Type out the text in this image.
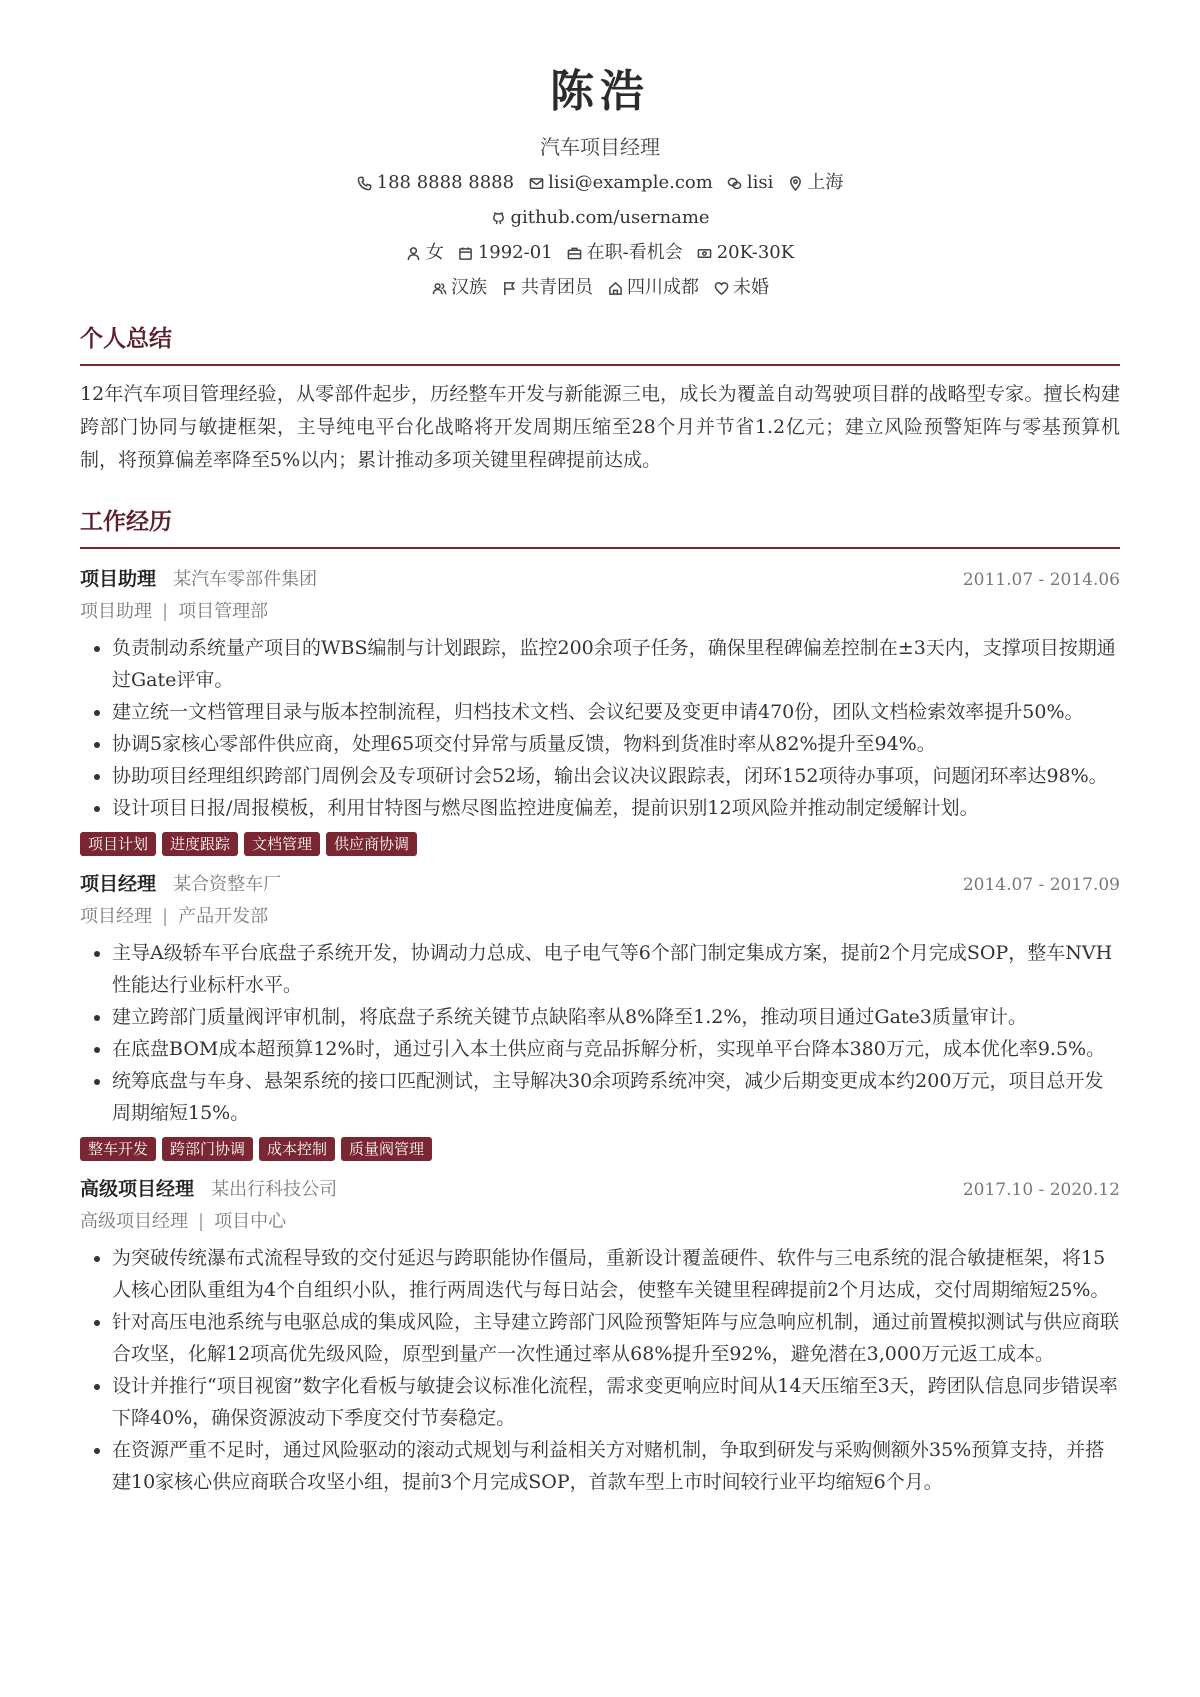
陈浩
汽车项目经理
188 8888 8888 lisi@example.com lisi 上海
github.com/username
女 1992-01 在职-看机会 20K-30K
汉族 共青团员 四川成都 未婚
个人总结
12年汽车项目管理经验，从零部件起步，历经整车开发与新能源三电，成长为覆盖自动驾驶项目群的战略型专家。擅长构建跨部门协同与敏捷框架，主导纯电平台化战略将开发周期压缩至28个月并节省1.2亿元；建立风险预警矩阵与零基预算机制，将预算偏差率降至5%以内；累计推动多项关键里程碑提前达成。
工作经历
项目助理 某汽车零部件集团	2011.07 - 2014.06
项目助理 | 项目管理部
• 负责制动系统量产项目的WBS编制与计划跟踪，监控200余项子任务，确保里程碑偏差控制在±3天内，支撑项目按期通过Gate评审。
• 建立统一文档管理目录与版本控制流程，归档技术文档、会议纪要及变更申请470份，团队文档检索效率提升50%。
• 协调5家核心零部件供应商，处理65项交付异常与质量反馈，物料到货准时率从82%提升至94%。
• 协助项目经理组织跨部门周例会及专项研讨会52场，输出会议决议跟踪表，闭环152项待办事项，问题闭环率达98%。
• 设计项目日报/周报模板，利用甘特图与燃尽图监控进度偏差，提前识别12项风险并推动制定缓解计划。
项目计划	进度跟踪	文档管理	供应商协调
项目经理 某合资整车厂	2014.07 - 2017.09
项目经理 | 产品开发部
• 主导A级轿车平台底盘子系统开发，协调动力总成、电子电气等6个部门制定集成方案，提前2个月完成SOP，整车NVH性能达行业标杆水平。
• 建立跨部门质量阀评审机制，将底盘子系统关键节点缺陷率从8%降至1.2%，推动项目通过Gate3质量审计。
• 在底盘BOM成本超预算12%时，通过引入本土供应商与竞品拆解分析，实现单平台降本380万元，成本优化率9.5%。
• 统筹底盘与车身、悬架系统的接口匹配测试，主导解决30余项跨系统冲突，减少后期变更成本约200万元，项目总开发周期缩短15%。
整车开发	跨部门协调	成本控制	质量阀管理
高级项目经理 某出行科技公司	2017.10 - 2020.12
高级项目经理 | 项目中心
• 为突破传统瀑布式流程导致的交付延迟与跨职能协作僵局，重新设计覆盖硬件、软件与三电系统的混合敏捷框架，将15人核心团队重组为4个自组织小队，推行两周迭代与每日站会，使整车关键里程碑提前2个月达成，交付周期缩短25%。
• 针对高压电池系统与电驱总成的集成风险，主导建立跨部门风险预警矩阵与应急响应机制，通过前置模拟测试与供应商联合攻坚，化解12项高优先级风险，原型到量产一次性通过率从68%提升至92%，避免潜在3,000万元返工成本。
• 设计并推行“项目视窗”数字化看板与敏捷会议标准化流程，需求变更响应时间从14天压缩至3天，跨团队信息同步错误率下降40%，确保资源波动下季度交付节奏稳定。
• 在资源严重不足时，通过风险驱动的滚动式规划与利益相关方对赌机制，争取到研发与采购侧额外35%预算支持，并搭建10家核心供应商联合攻坚小组，提前3个月完成SOP，首款车型上市时间较行业平均缩短6个月。
